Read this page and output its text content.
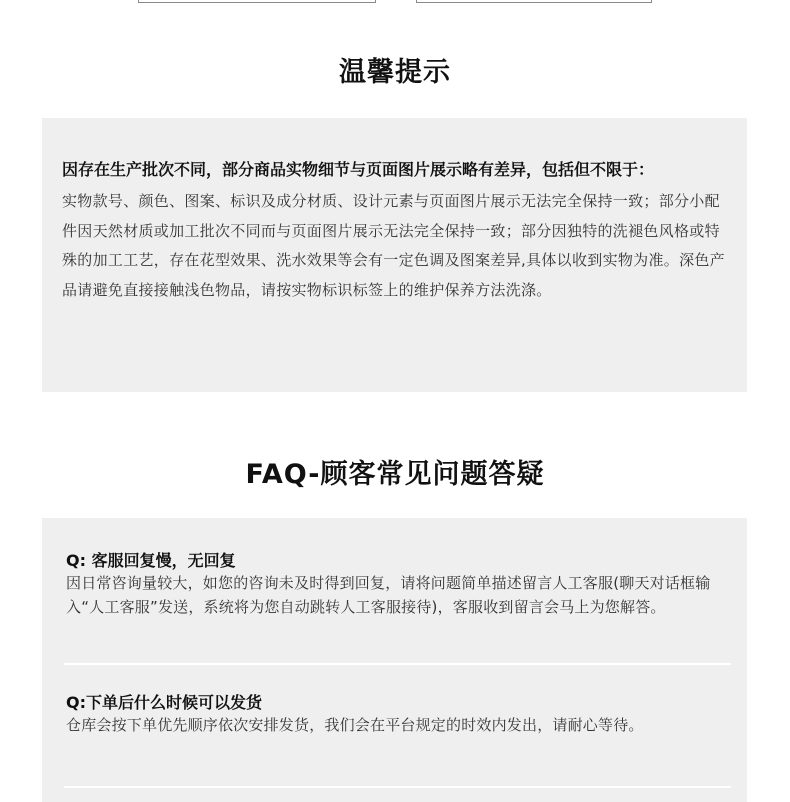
温馨提示
因存在生产批次不同，部分商品实物细节与页面图片展示略有差异，包括但不限于：
实物款号、颜色、图案、标识及成分材质、设计元素与页面图片展示无法完全保持一致；部分小配件因天然材质或加工批次不同而与页面图片展示无法完全保持一致；部分因独特的洗褪色风格或特殊的加工工艺，存在花型效果、洗水效果等会有一定色调及图案差异,具体以收到实物为准。深色产品请避免直接接触浅色物品，请按实物标识标签上的维护保养方法洗涤。
FAQ-顾客常见问题答疑
Q: 客服回复慢，无回复
因日常咨询量较大，如您的咨询未及时得到回复，请将问题简单描述留言人工客服(聊天对话框输入“人工客服”发送，系统将为您自动跳转人工客服接待)，客服收到留言会马上为您解答。
Q:下单后什么时候可以发货
仓库会按下单优先顺序依次安排发货，我们会在平台规定的时效内发出，请耐心等待。
